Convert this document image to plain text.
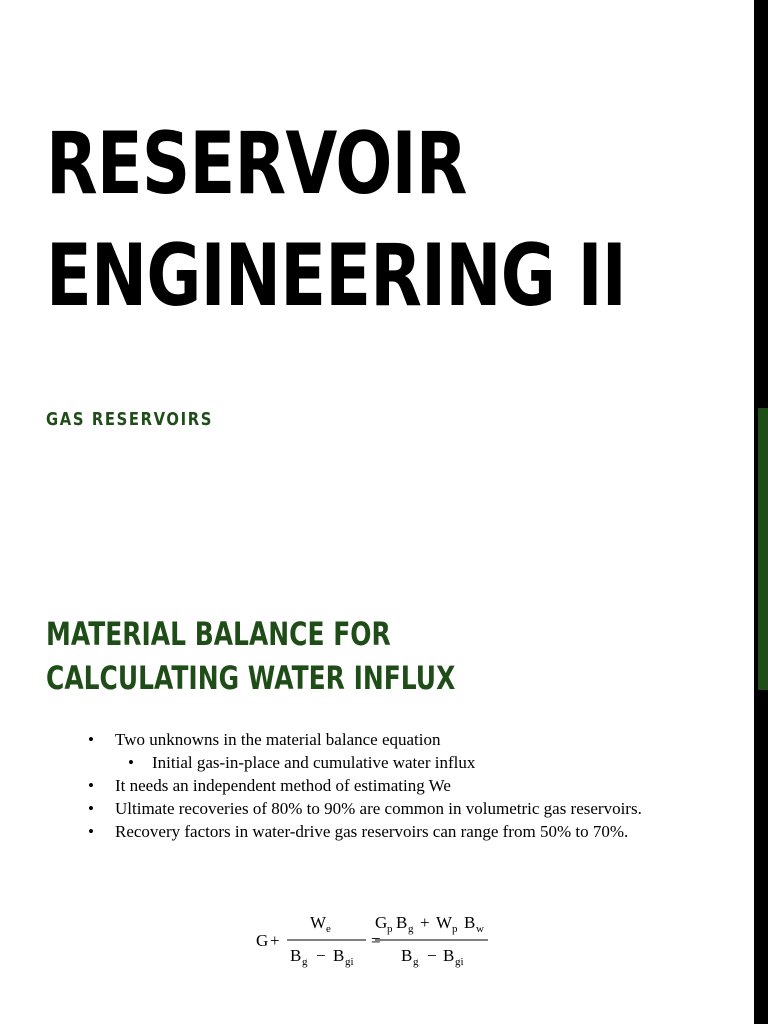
RESERVOIR
ENGINEERING II
GAS RESERVOIRS
MATERIAL BALANCE FOR
CALCULATING WATER INFLUX
• Two unknowns in the material balance equation
• Initial gas-in-place and cumulative water influx
• It needs an independent method of estimating We
• Ultimate recoveries of 80% to 90% are common in volumetric gas reservoirs.
• Recovery factors in water-drive gas reservoirs can range from 50% to 70%.
G +
W e
B g − B gi
=
G p B g + W p B w
B g − B gi
